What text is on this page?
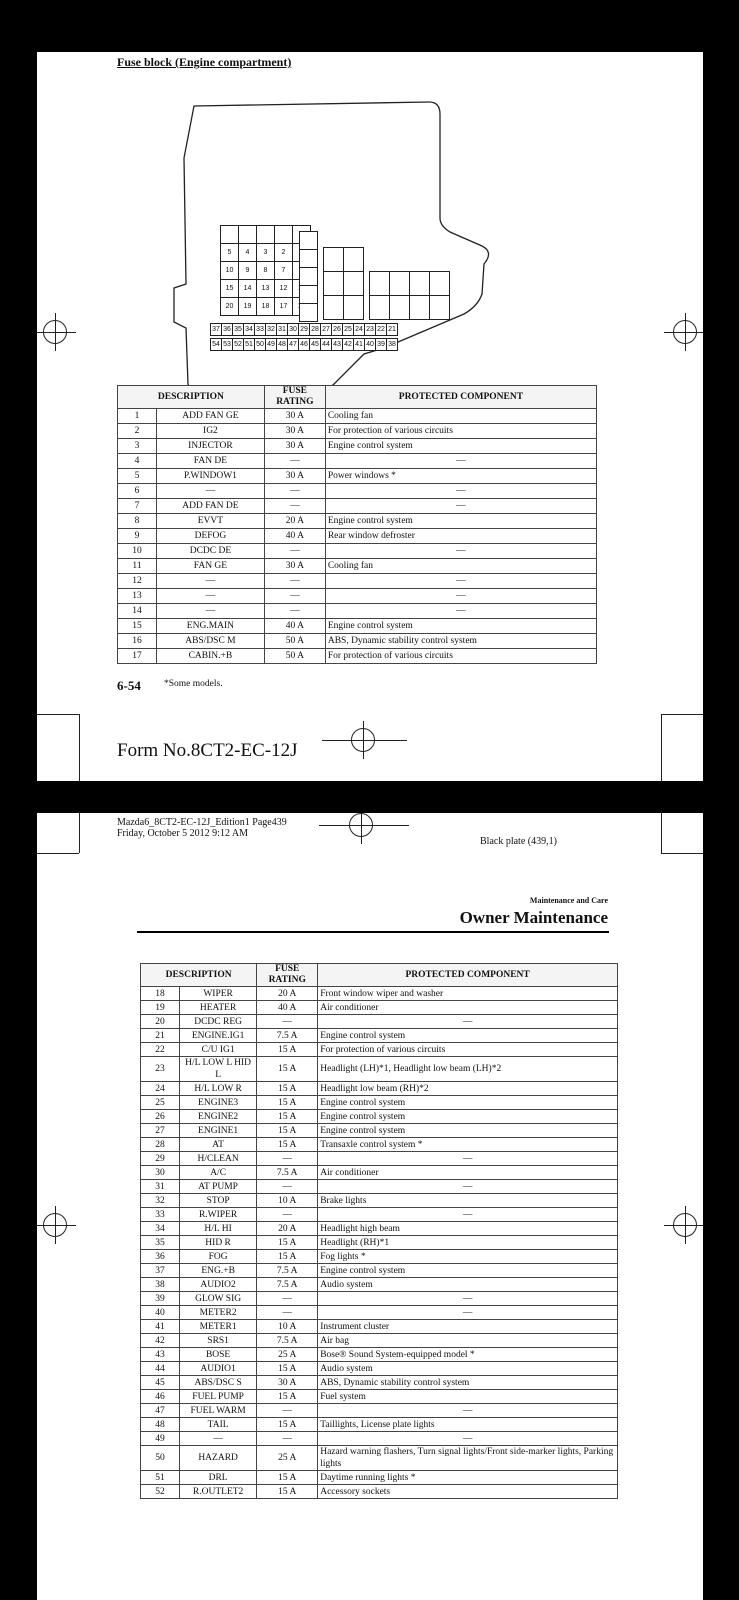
Fuse block (Engine compartment)
5	4	3	2
10	9	8	7
15	14	13	12
20	19	18	17
37 36 35 34 33 32 31 30 29 28 27 26 25 24 23 22 21
54 53 52 51 50 49 48 47 46 45 44 43 42 41 40 39 38
DESCRIPTION		FUSE RATING	PROTECTED COMPONENT
1	ADD FAN GE	30 A	Cooling fan
2	IG2	30 A	For protection of various circuits
3	INJECTOR	30 A	Engine control system
4	FAN DE	—	—
5	P.WINDOW1	30 A	Power windows *
6	—	—	—
7	ADD FAN DE	—	—
8	EVVT	20 A	Engine control system
9	DEFOG	40 A	Rear window defroster
10	DCDC DE	—	—
11	FAN GE	30 A	Cooling fan
12	—	—	—
13	—	—	—
14	—	—	—
15	ENG.MAIN	40 A	Engine control system
16	ABS/DSC M	50 A	ABS, Dynamic stability control system
17	CABIN.+B	50 A	For protection of various circuits
6-54 *Some models.
Form No.8CT2-EC-12J
Mazda6_8CT2-EC-12J_Edition1 Page439
Friday, October 5 2012 9:12 AM
Black plate (439,1)
Maintenance and Care
Owner Maintenance
DESCRIPTION		FUSE RATING	PROTECTED COMPONENT
18	WIPER	20 A	Front window wiper and washer
19	HEATER	40 A	Air conditioner
20	DCDC REG	—	—
21	ENGINE.IG1	7.5 A	Engine control system
22	C/U IG1	15 A	For protection of various circuits
23	H/L LOW L HID L	15 A	Headlight (LH)*1, Headlight low beam (LH)*2
24	H/L LOW R	15 A	Headlight low beam (RH)*2
25	ENGINE3	15 A	Engine control system
26	ENGINE2	15 A	Engine control system
27	ENGINE1	15 A	Engine control system
28	AT	15 A	Transaxle control system *
29	H/CLEAN	—	—
30	A/C	7.5 A	Air conditioner
31	AT PUMP	—	—
32	STOP	10 A	Brake lights
33	R.WIPER	—	—
34	H/L HI	20 A	Headlight high beam
35	HID R	15 A	Headlight (RH)*1
36	FOG	15 A	Fog lights *
37	ENG.+B	7.5 A	Engine control system
38	AUDIO2	7.5 A	Audio system
39	GLOW SIG	—	—
40	METER2	—	—
41	METER1	10 A	Instrument cluster
42	SRS1	7.5 A	Air bag
43	BOSE	25 A	Bose® Sound System-equipped model *
44	AUDIO1	15 A	Audio system
45	ABS/DSC S	30 A	ABS, Dynamic stability control system
46	FUEL PUMP	15 A	Fuel system
47	FUEL WARM	—	—
48	TAIL	15 A	Taillights, License plate lights
49	—	—	—
50	HAZARD	25 A	Hazard warning flashers, Turn signal lights/Front side-marker lights, Parking lights
51	DRL	15 A	Daytime running lights *
52	R.OUTLET2	15 A	Accessory sockets
